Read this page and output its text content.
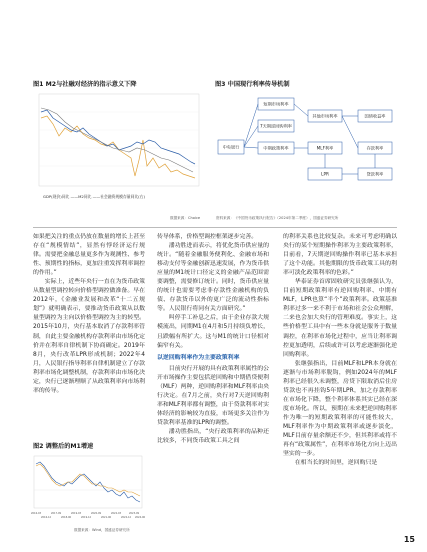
图1 M2与社融对经济的指示意义下降
GDP(现价)同比 ——M2同比 ——社会融资规模存量同比(右)
数据来源：Choice
图3 中国现行利率传导机制
中央银行
短期市场利率
7天期逆回购利率
中期政策利率
其他市场利率
MLF利率
LPR	贷款利率
国债收益率
存款利率
资料来源：《中国货币政策执行报告》（2024年第二季度），国盛证券研究所

如果把关注的重点仍放在数量的增长上甚至存在“规模情结”，显然有悖经济运行规律。需要把金融总量更多作为观测性、参考性、预期性的指标，更加注重发挥利率调控的作用。”

实际上，近些年央行一直在为货币政策从数量型调控转向价格型调控做准备。早在2012年，《金融业发展和改革“十二五规划”》就明确表示，要推动货币政策从以数量型调控为主向以价格型调控为主的转型。2015年10月，央行基本取消了存款利率管制，自此主要金融机构存款利率由市场化定价并在利率自律机制下协商确定。2019年8月，央行改革LPR形成机制；2022年4月，人民银行指导利率自律机制建立了存款利率市场化调整机制，存款利率由市场化决定，央行已逐渐理顺了从政策利率向市场利率的传导。

图2 调整后的M1增速
2016-03
2016-12
2017-09
2018-06
2019-03
2019-12
2020-09
2021-06
2022-03
2022-12
2023-09
2024-06
数据来源：Wind，国盛证券研究所

传导体系，价格型调控框架逐步完善。

潘功胜进而表示，将优化货币供应量的统计。“随着金融服务便利化、金融市场和移动支付等金融创新迅速发展，作为货币供应量的M1统计口径定义的金融产品范围需要调整，需要修订统计。同时，货币供应量的统计也需要考虑非存款性金融机构的负债、存款货币以外的更广泛的流动性指标等。人民银行将同有关方面研究。”

叫停手工补息之后，由于企业存款大规模流出，同期M1在4月和5月持续负增长，且跌幅有所扩大。这与M1的统计口径相对偏窄有关。

以逆回购利率作为主要政策利率

目前央行开展的具有政策利率属性的公开市场操作主要包括逆回购和中期借贷便利（MLF）两种，逆回购利率和MLF利率由央行决定。在7月之前，央行对7天逆回购利率和MLF利率都有调整，由于贷款利率对实体经济的影响较为直接，市场更多关注作为贷款利率基准的LPR的调整。

潘功胜指出，“央行政策利率的品种还比较多，不同货币政策工具之间

的利率关系也比较复杂。未来可考虑明确以央行的某个短期操作利率为主要政策利率，目前看，7天期逆回购操作利率已基本承担了这个功能。其他期限的货币政策工具的利率可淡化政策利率的色彩。”

华泰证券首席固收研究员张继强认为，目前短期政策利率有逆回购利率、中期有MLF，LPR也算“半个”政策利率。政策基准利率过多一来不利于市场和社会公众理解，二来也会加大央行的管理难度。事实上，这些价格型工具中有一些本身就是服务于数量调控，在利率市场化过程中，应当让利率调控更加透明，后续或许可以考虑逐渐强化逆回购利率。

张继强指出，目前MLF和LPR本身就在逐渐与市场利率脱钩，例如2024年的MLF利率已经很久未调整，房贷下限取消后住房贷款也不再挂钩5年期LPR，加之存款利率在市场化下降，整个利率体系其实已经在深度市场化。所以，预期在未来把逆回购利率作为唯一的短期政策利率的可能性较大，MLF利率作为中期政策利率或逐步淡化，MLF目前存量余额还不少，但其利率或将不再有“政策属性”，在利率市场化方向上迈出坚实的一步。

在相当长的时间里，逆回购只是

15
